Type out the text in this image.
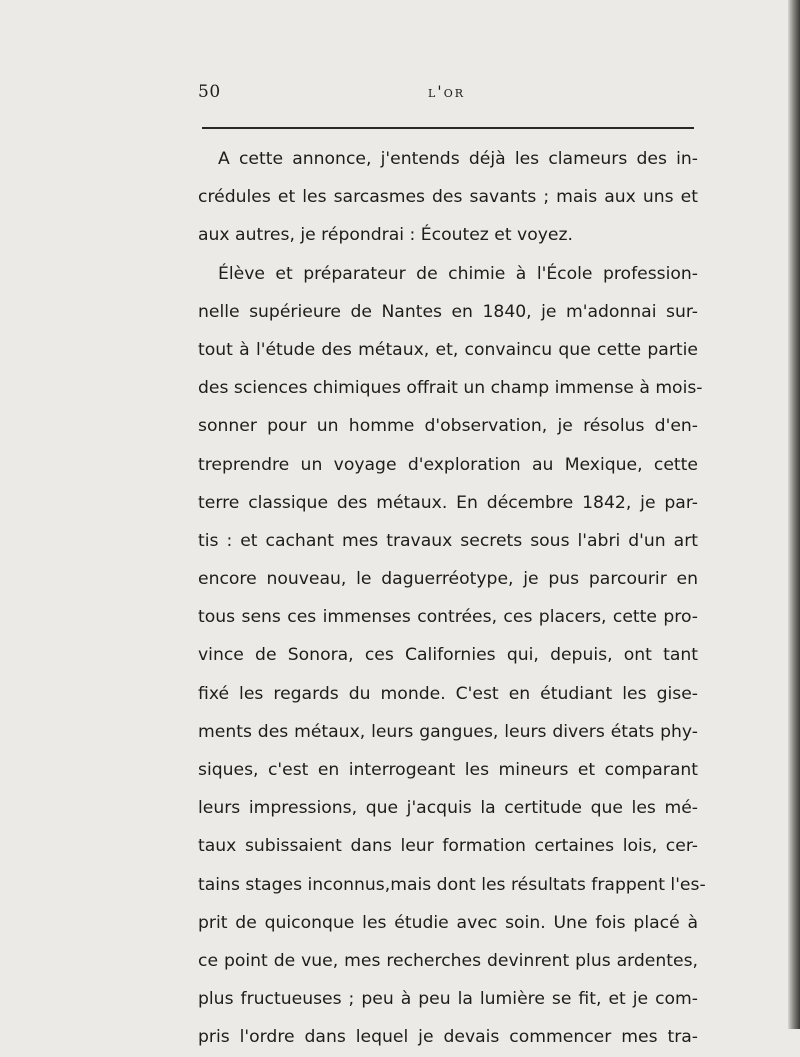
50	l'or
A cette annonce, j'entends déjà les clameurs des in-
crédules et les sarcasmes des savants ; mais aux uns et
aux autres, je répondrai : Écoutez et voyez.
Élève et préparateur de chimie à l'École profession-
nelle supérieure de Nantes en 1840, je m'adonnai sur-
tout à l'étude des métaux, et, convaincu que cette partie
des sciences chimiques offrait un champ immense à mois-
sonner pour un homme d'observation, je résolus d'en-
treprendre un voyage d'exploration au Mexique, cette
terre classique des métaux. En décembre 1842, je par-
tis : et cachant mes travaux secrets sous l'abri d'un art
encore nouveau, le daguerréotype, je pus parcourir en
tous sens ces immenses contrées, ces placers, cette pro-
vince de Sonora, ces Californies qui, depuis, ont tant
fixé les regards du monde. C'est en étudiant les gise-
ments des métaux, leurs gangues, leurs divers états phy-
siques, c'est en interrogeant les mineurs et comparant
leurs impressions, que j'acquis la certitude que les mé-
taux subissaient dans leur formation certaines lois, cer-
tains stages inconnus,mais dont les résultats frappent l'es-
prit de quiconque les étudie avec soin. Une fois placé à
ce point de vue, mes recherches devinrent plus ardentes,
plus fructueuses ; peu à peu la lumière se fit, et je com-
pris l'ordre dans lequel je devais commencer mes tra-
